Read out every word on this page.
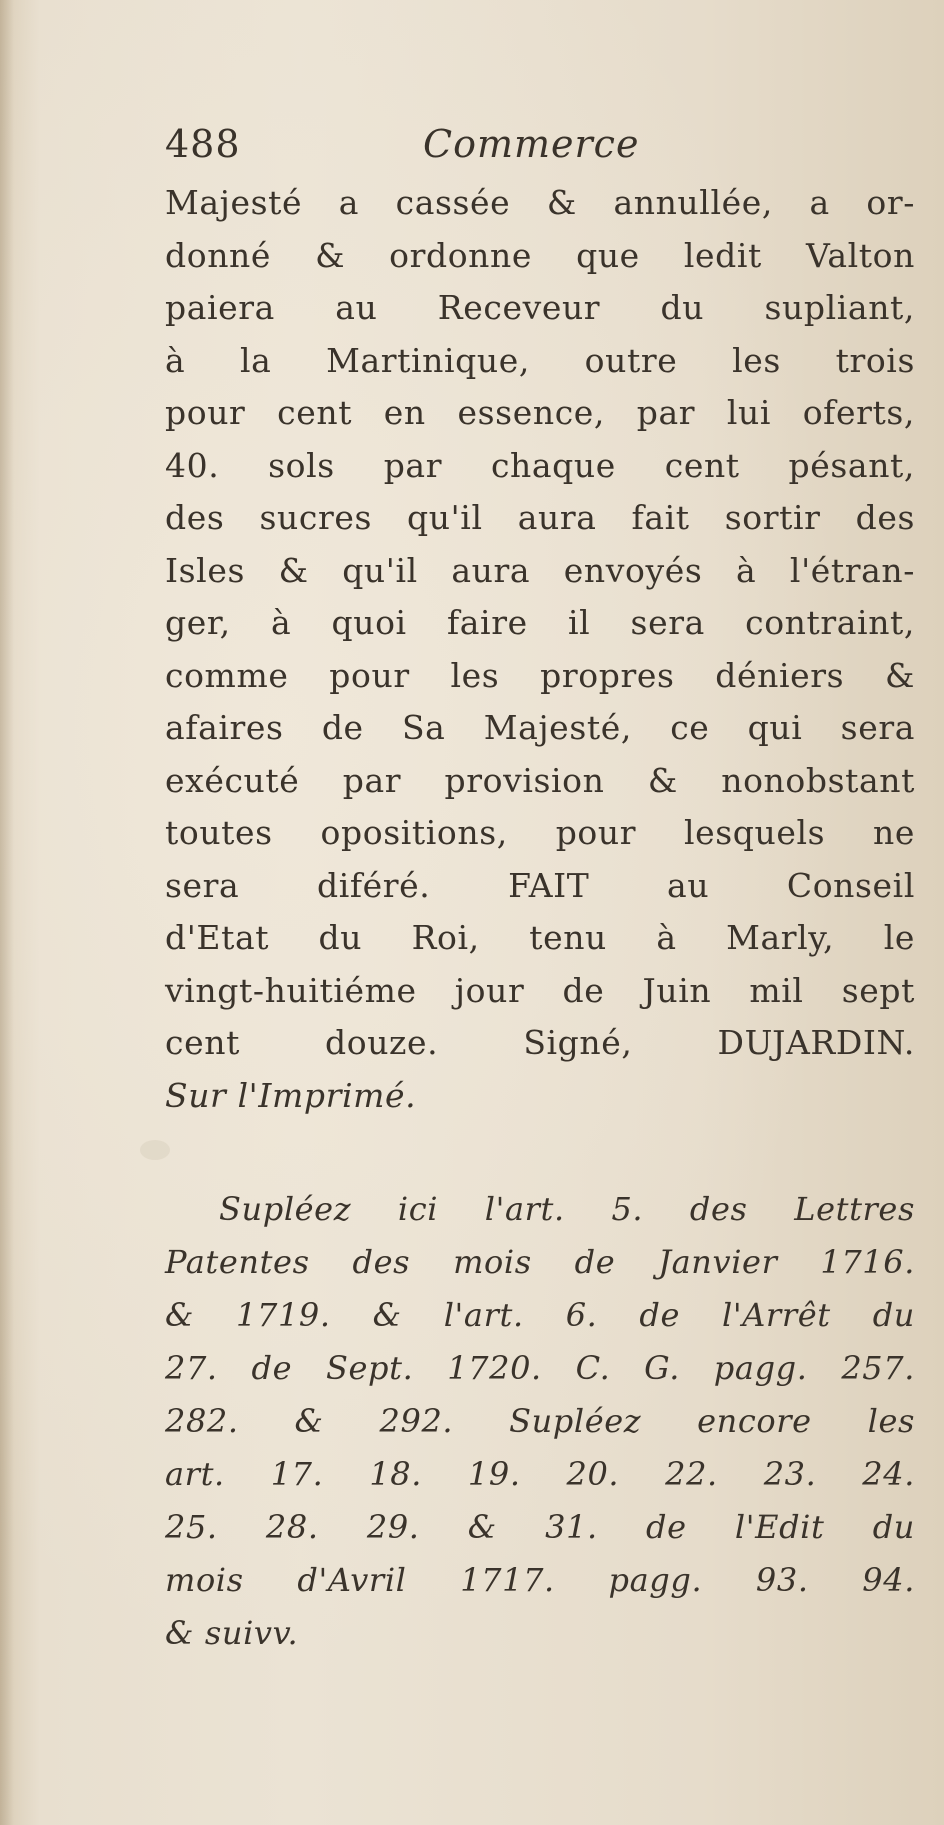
488	Commerce
Majesté a cassée & annullée, a or-
donné & ordonne que ledit Valton
paiera au Receveur du supliant,
à la Martinique, outre les trois
pour cent en essence, par lui oferts,
40. sols par chaque cent pésant,
des sucres qu'il aura fait sortir des
Isles & qu'il aura envoyés à l'étran-
ger, à quoi faire il sera contraint,
comme pour les propres déniers &
afaires de Sa Majesté, ce qui sera
exécuté par provision & nonobstant
toutes opositions, pour lesquels ne
sera diféré. FAIT au Conseil
d'Etat du Roi, tenu à Marly, le
vingt-huitiéme jour de Juin mil sept
cent douze. Signé, DUJARDIN.
Sur l'Imprimé.
Supléez ici l'art. 5. des Lettres
Patentes des mois de Janvier 1716.
& 1719. & l'art. 6. de l'Arrêt du
27. de Sept. 1720. C. G. pagg. 257.
282. & 292. Supléez encore les
art. 17. 18. 19. 20. 22. 23. 24.
25. 28. 29. & 31. de l'Edit du
mois d'Avril 1717. pagg. 93. 94.
& suivv.
